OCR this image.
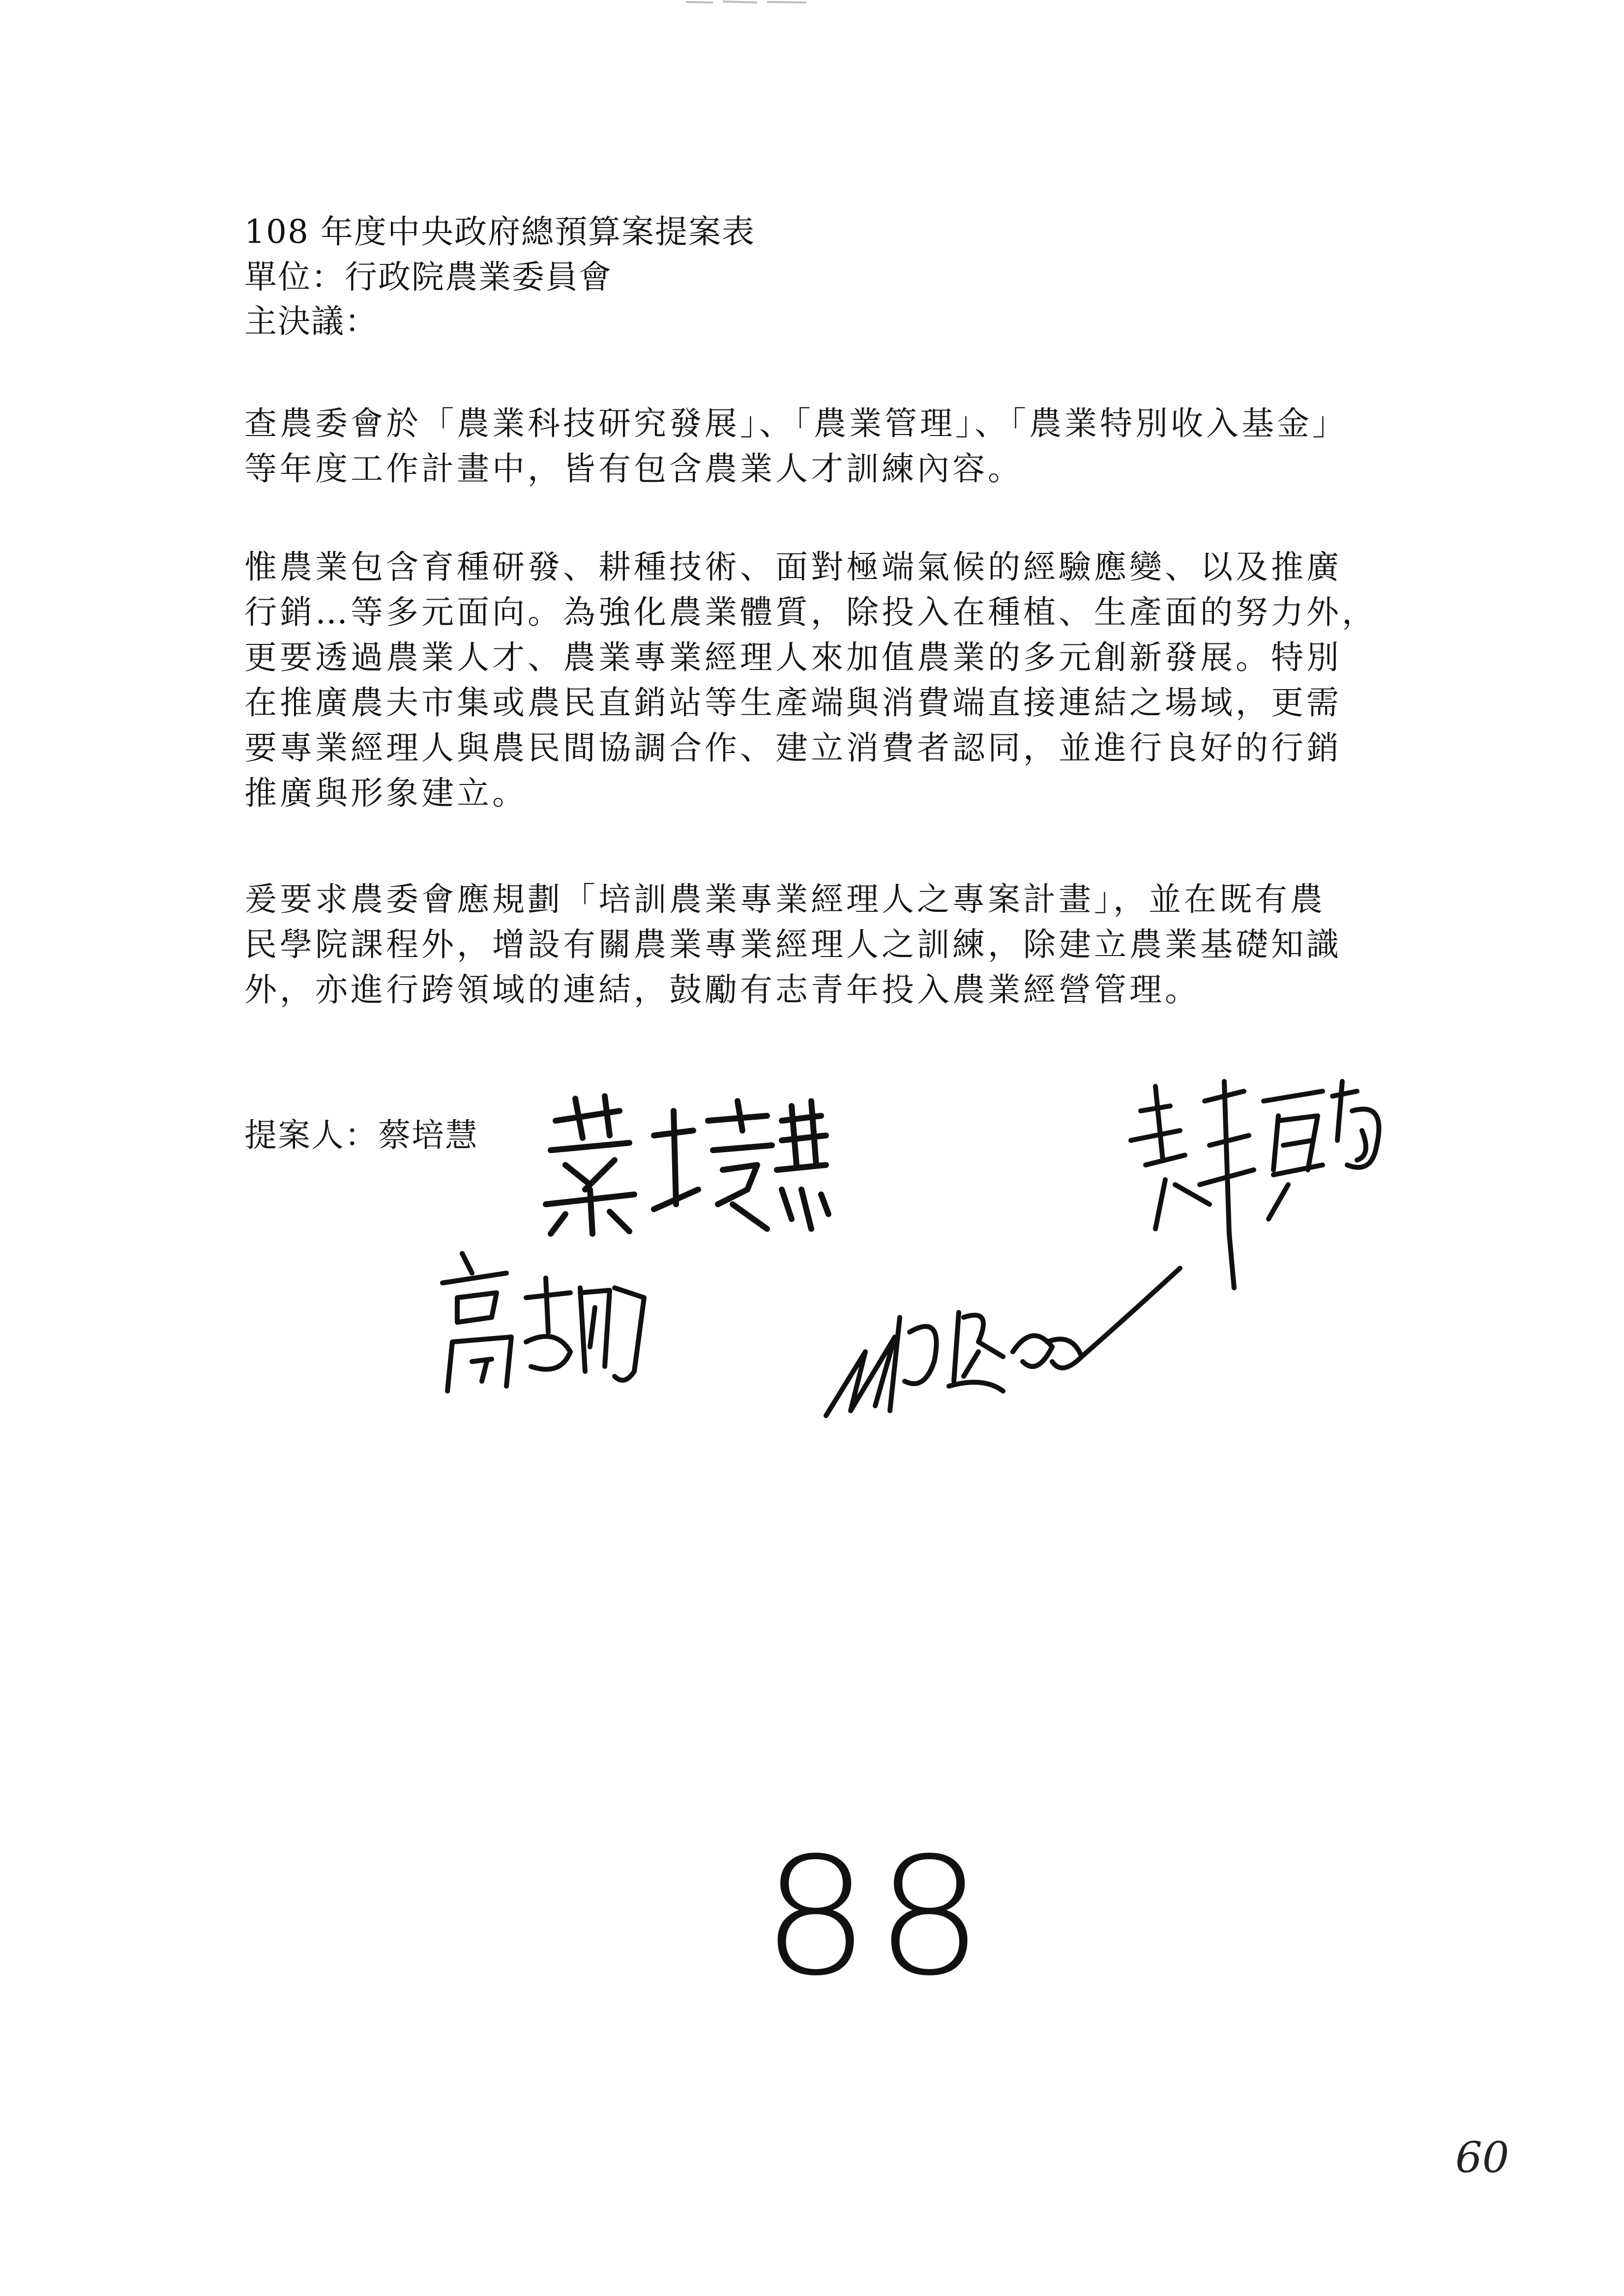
108 年度中央政府總預算案提案表
單位：行政院農業委員會
主決議：
查農委會於「農業科技研究發展」、「農業管理」、「農業特別收入基金」
等年度工作計畫中，皆有包含農業人才訓練內容。
惟農業包含育種研發、耕種技術、面對極端氣候的經驗應變、以及推廣
行銷…等多元面向。為強化農業體質，除投入在種植、生產面的努力外，
更要透過農業人才、農業專業經理人來加值農業的多元創新發展。特別
在推廣農夫市集或農民直銷站等生產端與消費端直接連結之場域，更需
要專業經理人與農民間協調合作、建立消費者認同，並進行良好的行銷
推廣與形象建立。
爰要求農委會應規劃「培訓農業專業經理人之專案計畫」，並在既有農
民學院課程外，增設有關農業專業經理人之訓練，除建立農業基礎知識
外，亦進行跨領域的連結，鼓勵有志青年投入農業經營管理。
提案人：蔡培慧
88
60
